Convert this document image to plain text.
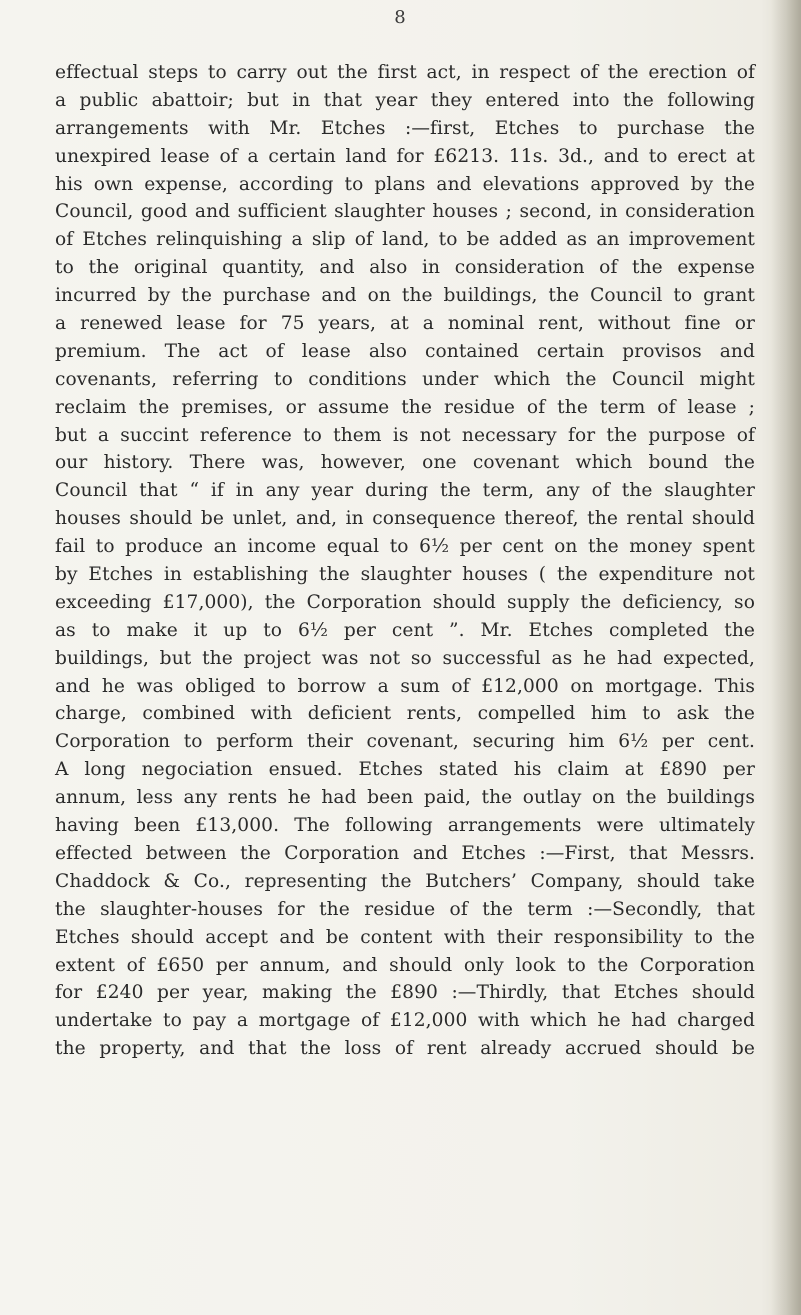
8
effectual steps to carry out the first act, in respect of the erection of
a public abattoir; but in that year they entered into the following
arrangements with Mr. Etches :—first, Etches to purchase the
unexpired lease of a certain land for £6213. 11s. 3d., and to erect at
his own expense, according to plans and elevations approved by the
Council, good and sufficient slaughter houses ; second, in consideration
of Etches relinquishing a slip of land, to be added as an improvement
to the original quantity, and also in consideration of the expense
incurred by the purchase and on the buildings, the Council to grant
a renewed lease for 75 years, at a nominal rent, without fine or
premium. The act of lease also contained certain provisos and
covenants, referring to conditions under which the Council might
reclaim the premises, or assume the residue of the term of lease ;
but a succint reference to them is not necessary for the purpose of
our history. There was, however, one covenant which bound the
Council that “ if in any year during the term, any of the slaughter
houses should be unlet, and, in consequence thereof, the rental should
fail to produce an income equal to 6½ per cent on the money spent
by Etches in establishing the slaughter houses ( the expenditure not
exceeding £17,000), the Corporation should supply the deficiency, so
as to make it up to 6½ per cent ”. Mr. Etches completed the
buildings, but the project was not so successful as he had expected,
and he was obliged to borrow a sum of £12,000 on mortgage. This
charge, combined with deficient rents, compelled him to ask the
Corporation to perform their covenant, securing him 6½ per cent.
A long negociation ensued. Etches stated his claim at £890 per
annum, less any rents he had been paid, the outlay on the buildings
having been £13,000. The following arrangements were ultimately
effected between the Corporation and Etches :—First, that Messrs.
Chaddock & Co., representing the Butchers’ Company, should take
the slaughter-houses for the residue of the term :—Secondly, that
Etches should accept and be content with their responsibility to the
extent of £650 per annum, and should only look to the Corporation
for £240 per year, making the £890 :—Thirdly, that Etches should
undertake to pay a mortgage of £12,000 with which he had charged
the property, and that the loss of rent already accrued should be
